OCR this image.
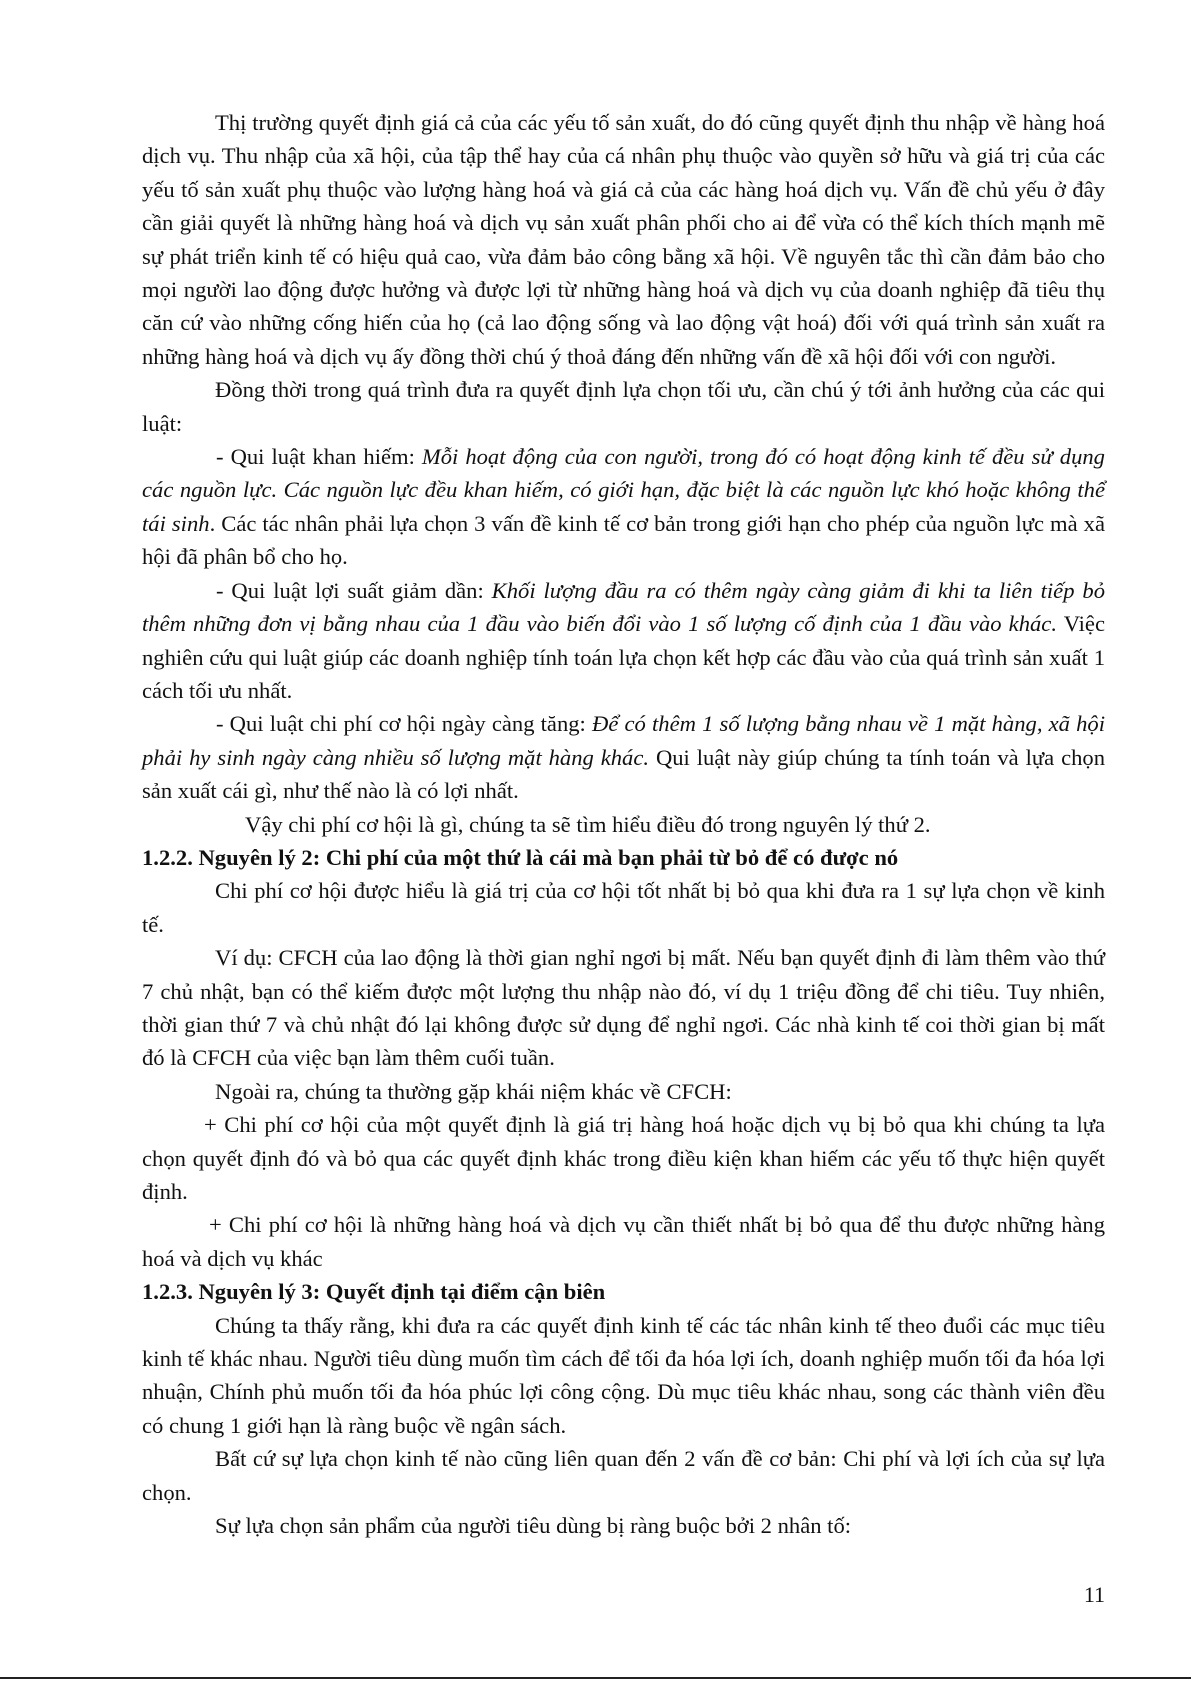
Thị trường quyết định giá cả của các yếu tố sản xuất, do đó cũng quyết định thu nhập về hàng hoá dịch vụ. Thu nhập của xã hội, của tập thể hay của cá nhân phụ thuộc vào quyền sở hữu và giá trị của các yếu tố sản xuất phụ thuộc vào lượng hàng hoá và giá cả của các hàng hoá dịch vụ. Vấn đề chủ yếu ở đây cần giải quyết là những hàng hoá và dịch vụ sản xuất phân phối cho ai để vừa có thể kích thích mạnh mẽ sự phát triển kinh tế có hiệu quả cao, vừa đảm bảo công bằng xã hội. Về nguyên tắc thì cần đảm bảo cho mọi người lao động được hưởng và được lợi từ những hàng hoá và dịch vụ của doanh nghiệp đã tiêu thụ căn cứ vào những cống hiến của họ (cả lao động sống và lao động vật hoá) đối với quá trình sản xuất ra những hàng hoá và dịch vụ ấy đồng thời chú ý thoả đáng đến những vấn đề xã hội đối với con người.

Đồng thời trong quá trình đưa ra quyết định lựa chọn tối ưu, cần chú ý tới ảnh hưởng của các qui luật:

- Qui luật khan hiếm: Mỗi hoạt động của con người, trong đó có hoạt động kinh tế đều sử dụng các nguồn lực. Các nguồn lực đều khan hiếm, có giới hạn, đặc biệt là các nguồn lực khó hoặc không thể tái sinh. Các tác nhân phải lựa chọn 3 vấn đề kinh tế cơ bản trong giới hạn cho phép của nguồn lực mà xã hội đã phân bổ cho họ.

- Qui luật lợi suất giảm dần: Khối lượng đầu ra có thêm ngày càng giảm đi khi ta liên tiếp bỏ thêm những đơn vị bằng nhau của 1 đầu vào biến đổi vào 1 số lượng cố định của 1 đầu vào khác. Việc nghiên cứu qui luật giúp các doanh nghiệp tính toán lựa chọn kết hợp các đầu vào của quá trình sản xuất 1 cách tối ưu nhất.

- Qui luật chi phí cơ hội ngày càng tăng: Để có thêm 1 số lượng bằng nhau về 1 mặt hàng, xã hội phải hy sinh ngày càng nhiều số lượng mặt hàng khác. Qui luật này giúp chúng ta tính toán và lựa chọn sản xuất cái gì, như thế nào là có lợi nhất.

Vậy chi phí cơ hội là gì, chúng ta sẽ tìm hiểu điều đó trong nguyên lý thứ 2.

1.2.2. Nguyên lý 2: Chi phí của một thứ là cái mà bạn phải từ bỏ để có được nó

Chi phí cơ hội được hiểu là giá trị của cơ hội tốt nhất bị bỏ qua khi đưa ra 1 sự lựa chọn về kinh tế.

Ví dụ: CFCH của lao động là thời gian nghỉ ngơi bị mất. Nếu bạn quyết định đi làm thêm vào thứ 7 chủ nhật, bạn có thể kiếm được một lượng thu nhập nào đó, ví dụ 1 triệu đồng để chi tiêu. Tuy nhiên, thời gian thứ 7 và chủ nhật đó lại không được sử dụng để nghỉ ngơi. Các nhà kinh tế coi thời gian bị mất đó là CFCH của việc bạn làm thêm cuối tuần.

Ngoài ra, chúng ta thường gặp khái niệm khác về CFCH:

+ Chi phí cơ hội của một quyết định là giá trị hàng hoá hoặc dịch vụ bị bỏ qua khi chúng ta lựa chọn quyết định đó và bỏ qua các quyết định khác trong điều kiện khan hiếm các yếu tố thực hiện quyết định.

+ Chi phí cơ hội là những hàng hoá và dịch vụ cần thiết nhất bị bỏ qua để thu được những hàng hoá và dịch vụ khác

1.2.3. Nguyên lý 3: Quyết định tại điểm cận biên

Chúng ta thấy rằng, khi đưa ra các quyết định kinh tế các tác nhân kinh tế theo đuổi các mục tiêu kinh tế khác nhau. Người tiêu dùng muốn tìm cách để tối đa hóa lợi ích, doanh nghiệp muốn tối đa hóa lợi nhuận, Chính phủ muốn tối đa hóa phúc lợi công cộng. Dù mục tiêu khác nhau, song các thành viên đều có chung 1 giới hạn là ràng buộc về ngân sách.

Bất cứ sự lựa chọn kinh tế nào cũng liên quan đến 2 vấn đề cơ bản: Chi phí và lợi ích của sự lựa chọn.

Sự lựa chọn sản phẩm của người tiêu dùng bị ràng buộc bởi 2 nhân tố:

11
